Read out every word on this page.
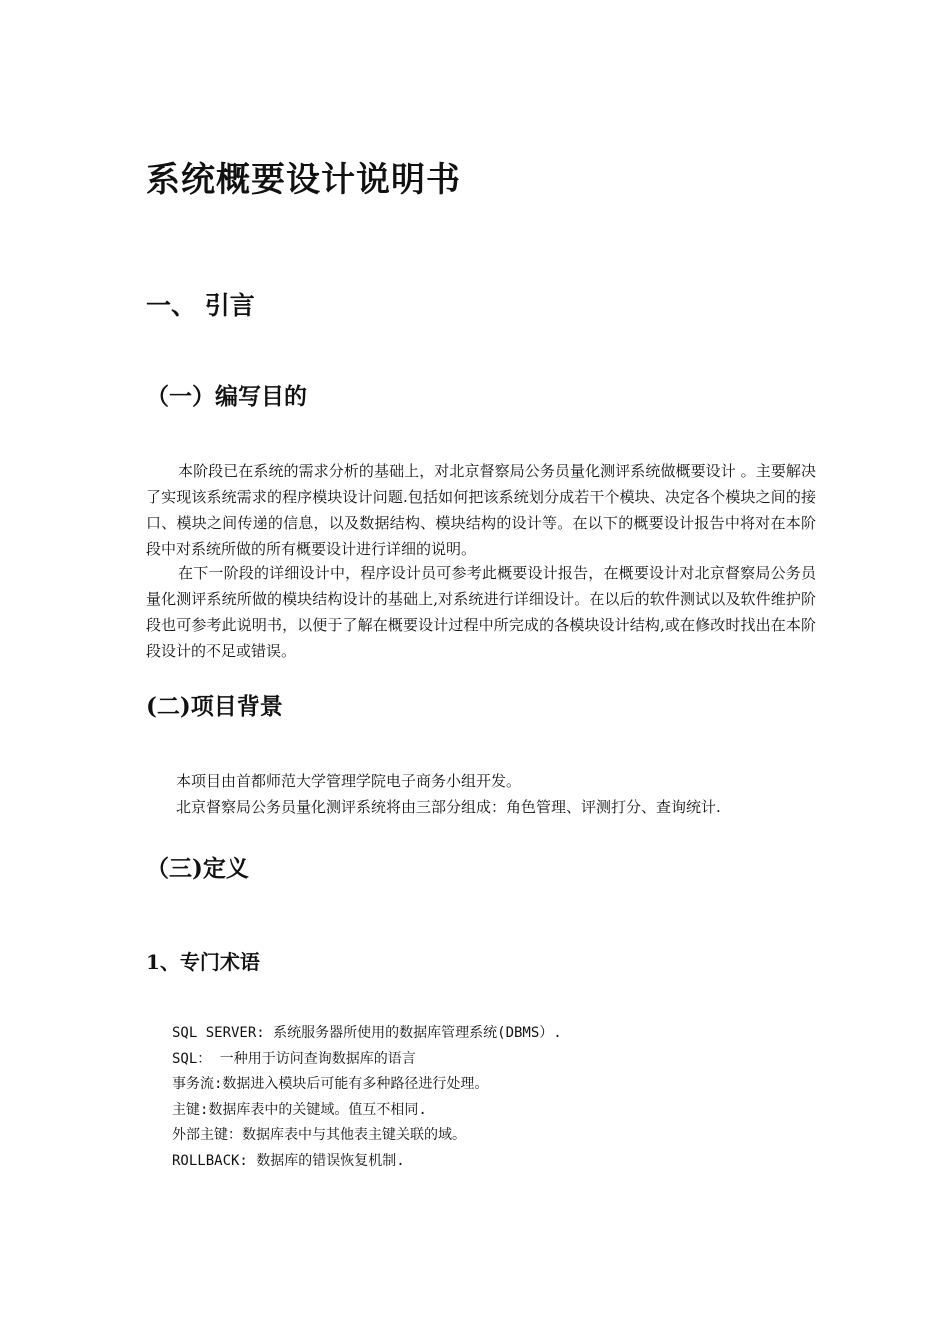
系统概要设计说明书
一、 引言
（一）编写目的
本阶段已在系统的需求分析的基础上，对北京督察局公务员量化测评系统做概要设计 。主要解决了实现该系统需求的程序模块设计问题.包括如何把该系统划分成若干个模块、决定各个模块之间的接口、模块之间传递的信息，以及数据结构、模块结构的设计等。在以下的概要设计报告中将对在本阶段中对系统所做的所有概要设计进行详细的说明。
在下一阶段的详细设计中，程序设计员可参考此概要设计报告，在概要设计对北京督察局公务员量化测评系统所做的模块结构设计的基础上,对系统进行详细设计。在以后的软件测试以及软件维护阶段也可参考此说明书，以便于了解在概要设计过程中所完成的各模块设计结构,或在修改时找出在本阶段设计的不足或错误。
(二)项目背景
本项目由首都师范大学管理学院电子商务小组开发。
北京督察局公务员量化测评系统将由三部分组成：角色管理、评测打分、查询统计.
（三)定义
1、专门术语
SQL SERVER: 系统服务器所使用的数据库管理系统(DBMS）.
SQL： 一种用于访问查询数据库的语言
事务流:数据进入模块后可能有多种路径进行处理。
主键:数据库表中的关键域。值互不相同.
外部主键：数据库表中与其他表主键关联的域。
ROLLBACK: 数据库的错误恢复机制.
